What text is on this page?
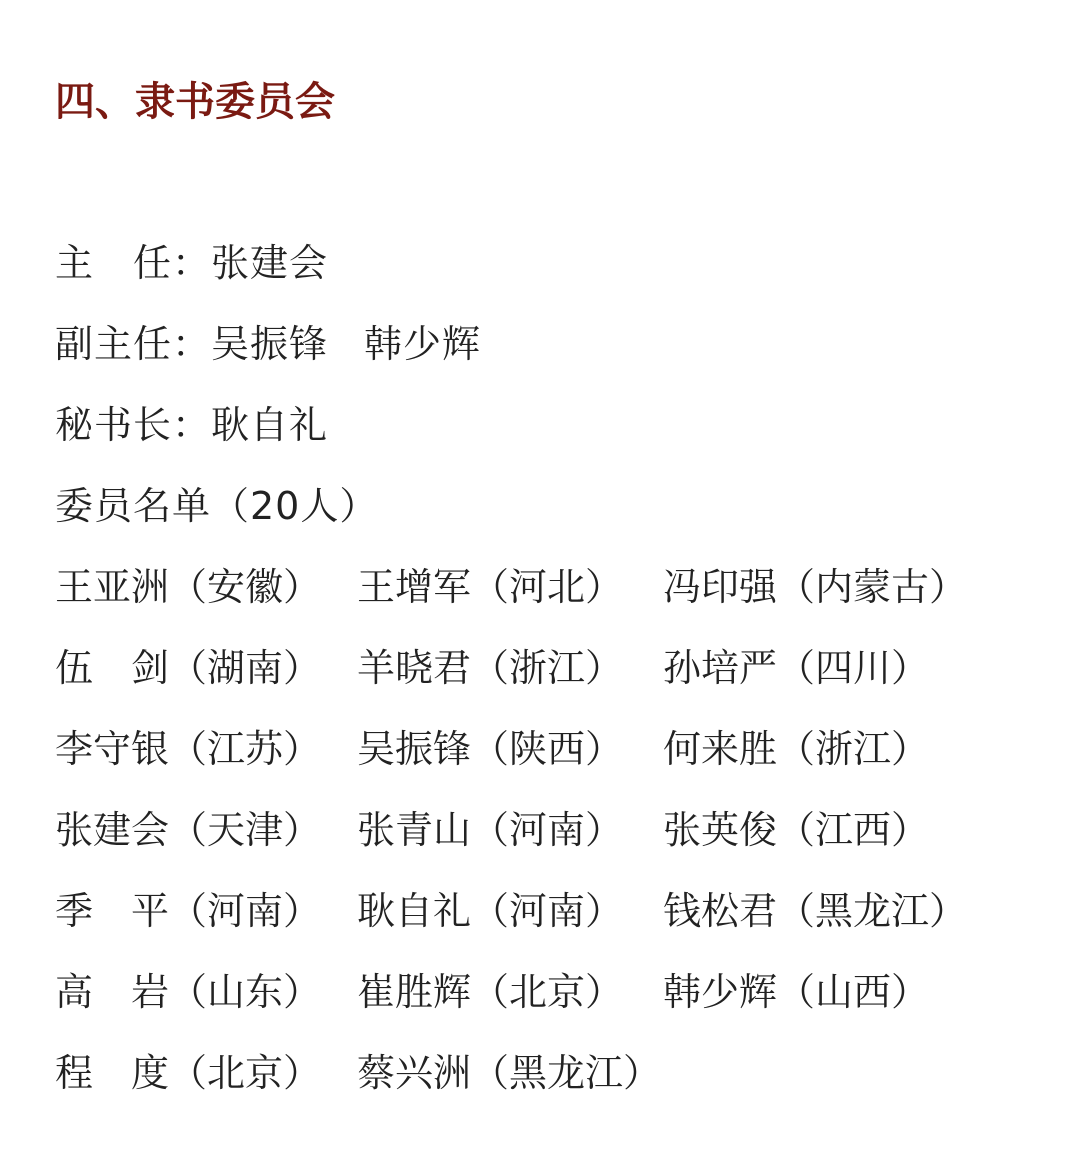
四、隶书委员会
主　任：张建会
副主任：吴振锋 韩少辉
秘书长：耿自礼
委员名单（20人）
王亚洲（安徽） 王增军（河北） 冯印强（内蒙古）
伍　剑（湖南） 羊晓君（浙江） 孙培严（四川）
李守银（江苏） 吴振锋（陕西） 何来胜（浙江）
张建会（天津） 张青山（河南） 张英俊（江西）
季　平（河南） 耿自礼（河南） 钱松君（黑龙江）
高　岩（山东） 崔胜辉（北京） 韩少辉（山西）
程　度（北京） 蔡兴洲（黑龙江）
